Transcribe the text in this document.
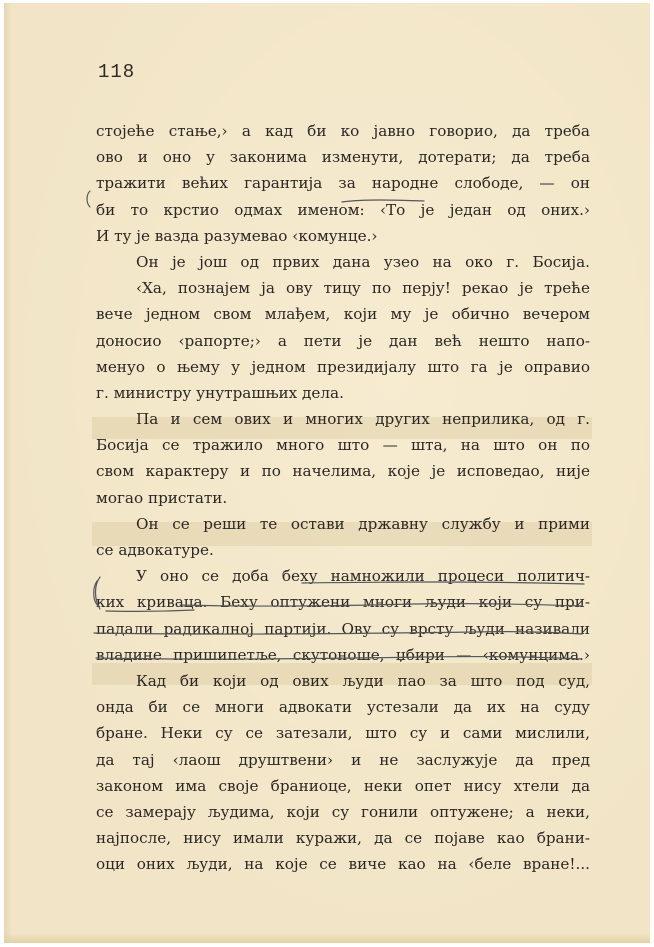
118
стојеће стање,› а кад би ко јавно говорио, да треба
ово и оно у законима изменути, дотерати; да треба
тражити већих гарантија за народне слободе, — он
би то крстио одмах именом: ‹То је један од оних.›
И ту је вазда разумевао ‹комунце.›
Он је још од првих дана узео на око г. Босија.
‹Ха, познајем ја ову тицу по перју! рекао је треће
вече једном свом млађем, који му је обично вечером
доносио ‹рапорте;› а пети је дан већ нешто напо-
менуо о њему у једном президијалу што га је оправио
г. министру унутрашњих дела.
Па и сем ових и многих других неприлика, од г.
Босија се тражило много што — шта, на што он по
свом карактеру и по начелима, које је исповедао, није
могао пристати.
Он се реши те остави државну службу и прими
се адвокатуре.
У оно се доба беху намножили процеси политич-
ких криваца. Беху оптужени многи људи који су при-
падали радикалној партији. Ову су врсту људи називали
владине пришипетље, скутоноше, џбири — ‹комунцима.›
Кад би који од ових људи пао за што под суд,
онда би се многи адвокати устезали да их на суду
бране. Неки су се затезали, што су и сами мислили,
да тај ‹лаош друштвени› и не заслужује да пред
законом има своје браниоце, неки опет нису хтели да
се замерају људима, који су гонили оптужене; а неки,
најпосле, нису имали куражи, да се појаве као брани-
оци оних људи, на које се виче као на ‹беле вране!...
